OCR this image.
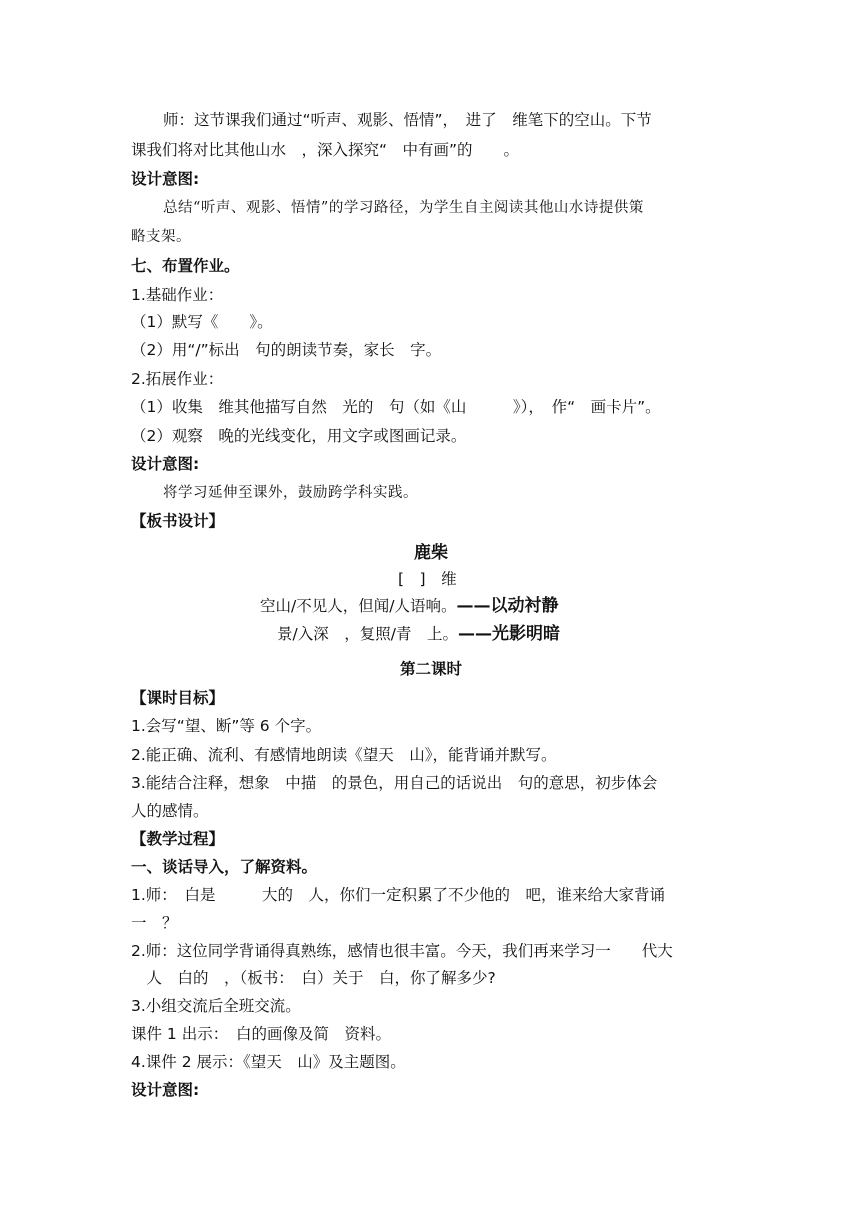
师：这节课我们通过“听声、观影、悟情”，　进了　维笔下的空山。下节
课我们将对比其他山水　，深入探究“　中有画”的　　。
设计意图:
总结“听声、观影、悟情”的学习路径，为学生自主阅读其他山水诗提供策
略支架。
七、布置作业。
1.基础作业：
（1）默写《　　》。
（2）用“/”标出　句的朗读节奏，家长　字。
2.拓展作业：
（1）收集　维其他描写自然　光的　句（如《山　　　》），　作“　画卡片”。
（2）观察　晚的光线变化，用文字或图画记录。
设计意图:
将学习延伸至课外，鼓励跨学科实践。
【板书设计】
鹿柴
[　]　维
空山/不见人，但闻/人语响。——以动衬静
景/入深　，复照/青　上。——光影明暗
第二课时
【课时目标】
1.会写“望、断”等 6 个字。
2.能正确、流利、有感情地朗读《望天　山》，能背诵并默写。
3.能结合注释，想象　中描　的景色，用自己的话说出　句的意思，初步体会
人的感情。
【教学过程】
一、谈话导入，了解资料。
1.师：　白是　　　大的　人，你们一定积累了不少他的　吧，谁来给大家背诵
一　？
2.师：这位同学背诵得真熟练，感情也很丰富。今天，我们再来学习一　　代大
　人　白的　，（板书：　白）关于　白，你了解多少?
3.小组交流后全班交流。
课件 1 出示：　白的画像及简　资料。
4.课件 2 展示：《望天　山》及主题图。
设计意图:
